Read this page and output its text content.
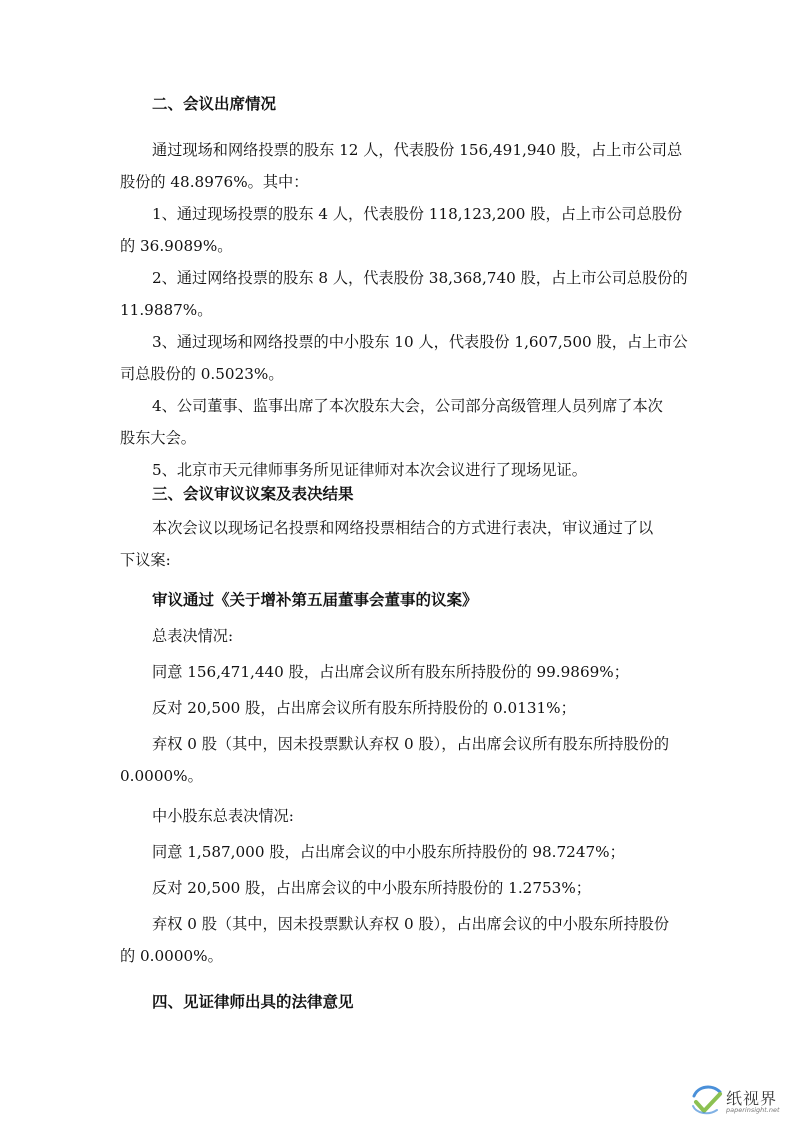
二、会议出席情况
通过现场和网络投票的股东 12 人，代表股份 156,491,940 股，占上市公司总
股份的 48.8976%。其中：
1、通过现场投票的股东 4 人，代表股份 118,123,200 股，占上市公司总股份
的 36.9089%。
2、通过网络投票的股东 8 人，代表股份 38,368,740 股，占上市公司总股份的
11.9887%。
3、通过现场和网络投票的中小股东 10 人，代表股份 1,607,500 股，占上市公
司总股份的 0.5023%。
4、公司董事、监事出席了本次股东大会，公司部分高级管理人员列席了本次
股东大会。
5、北京市天元律师事务所见证律师对本次会议进行了现场见证。
三、会议审议议案及表决结果
本次会议以现场记名投票和网络投票相结合的方式进行表决，审议通过了以
下议案:
审议通过《关于增补第五届董事会董事的议案》
总表决情况:
同意 156,471,440 股，占出席会议所有股东所持股份的 99.9869%；
反对 20,500 股，占出席会议所有股东所持股份的 0.0131%；
弃权 0 股（其中，因未投票默认弃权 0 股），占出席会议所有股东所持股份的
0.0000%。
中小股东总表决情况:
同意 1,587,000 股，占出席会议的中小股东所持股份的 98.7247%；
反对 20,500 股，占出席会议的中小股东所持股份的 1.2753%；
弃权 0 股（其中，因未投票默认弃权 0 股），占出席会议的中小股东所持股份
的 0.0000%。
四、见证律师出具的法律意见
纸视界
paperinsight.net
